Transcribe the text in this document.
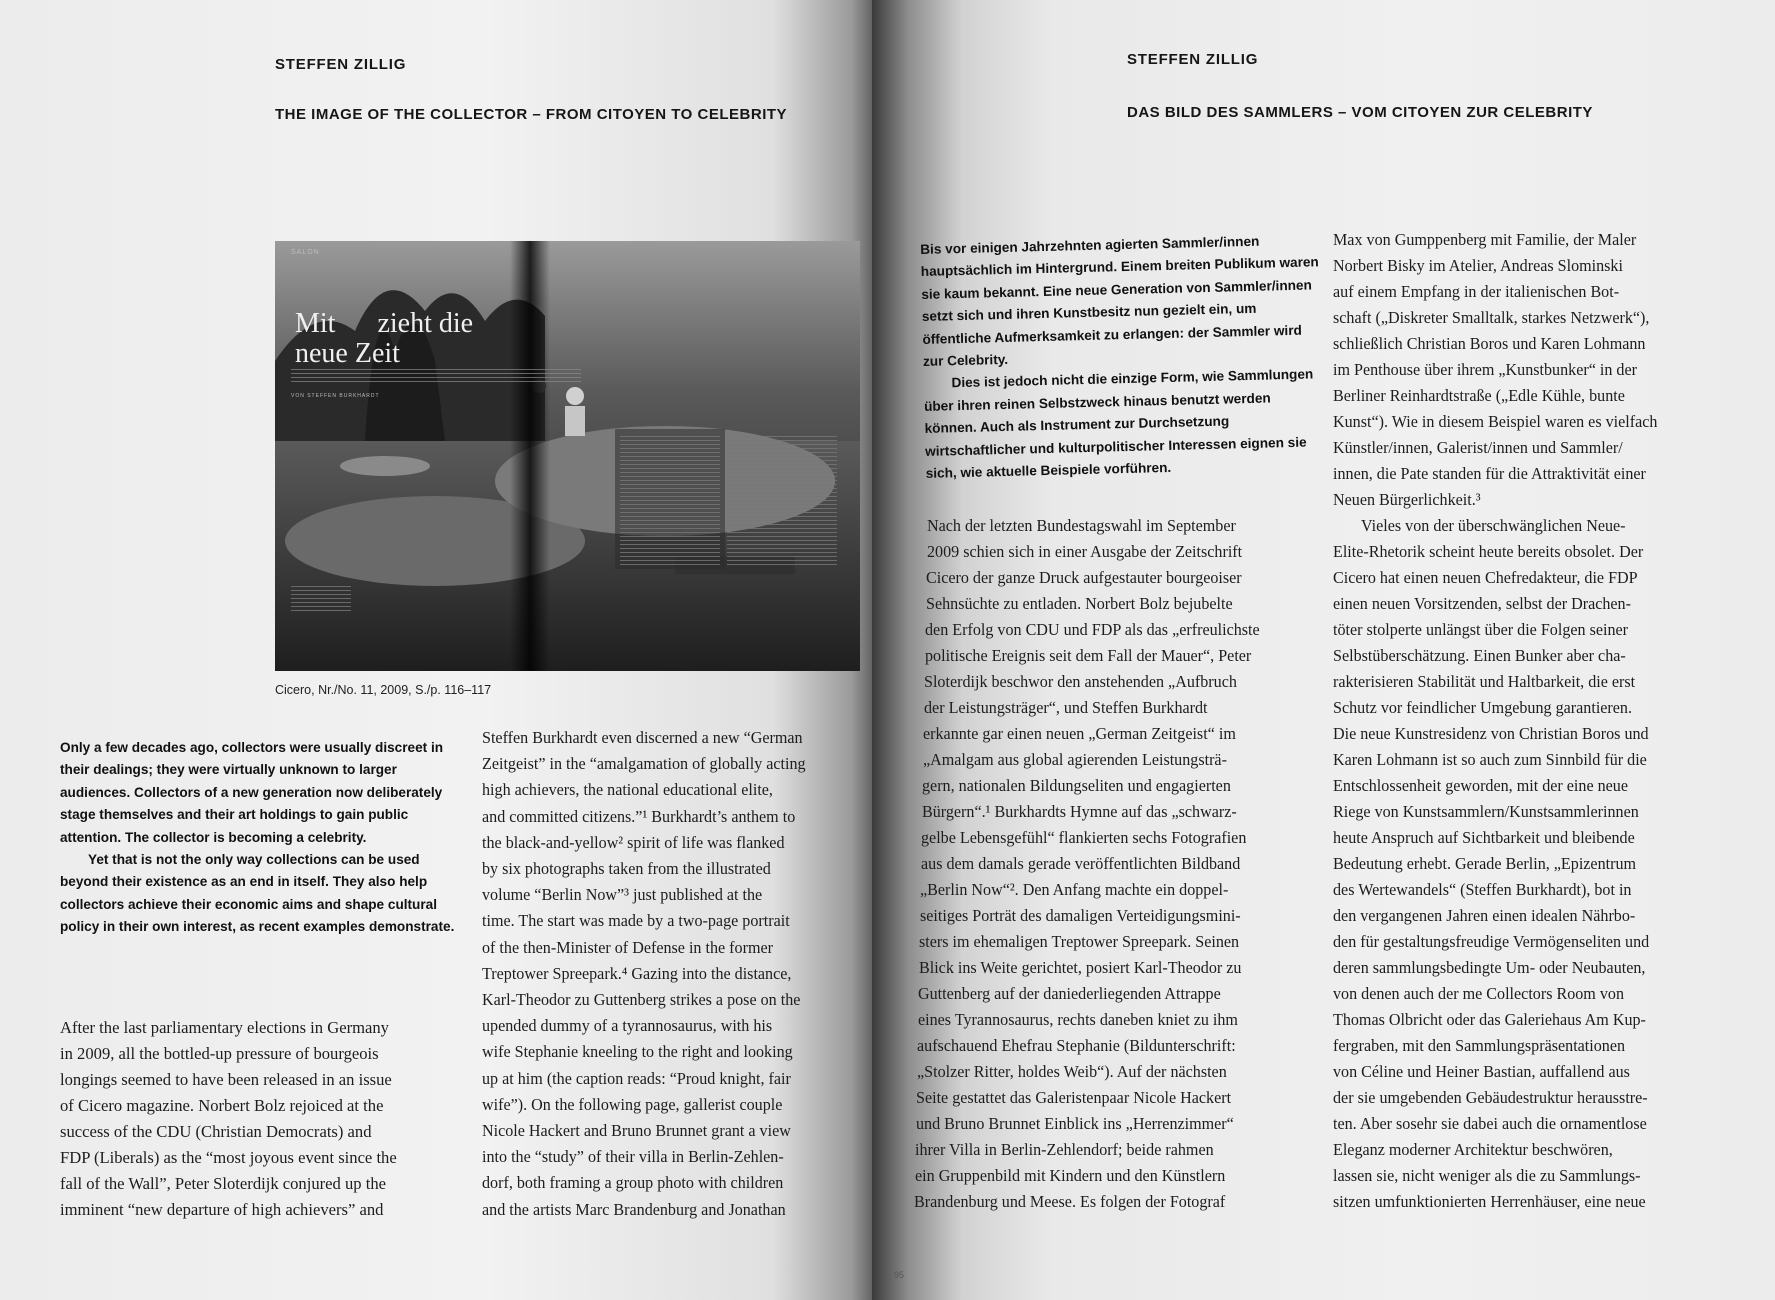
STEFFEN ZILLIG
THE IMAGE OF THE COLLECTOR – FROM CITOYEN TO CELEBRITY
SALON
Mit      zieht die
neue Zeit
VON STEFFEN BURKHARDT
Cicero, Nr./No. 11, 2009, S./p. 116–117

Only a few decades ago, collectors were usually discreet in their dealings; they were virtually unknown to larger audiences. Collectors of a new generation now deliberately stage themselves and their art holdings to gain public attention. The collector is becoming a celebrity.

Yet that is not the only way collections can be used beyond their existence as an end in itself. They also help collectors achieve their economic aims and shape cultural policy in their own interest, as recent examples demonstrate.

After the last parliamentary elections in Germany
in 2009, all the bottled-up pressure of bourgeois
longings seemed to have been released in an issue
of Cicero magazine. Norbert Bolz rejoiced at the
success of the CDU (Christian Democrats) and
FDP (Liberals) as the “most joyous event since the
fall of the Wall”, Peter Sloterdijk conjured up the
imminent “new departure of high achievers” and
Steffen Burkhardt even discerned a new “German
Zeitgeist” in the “amalgamation of globally acting
high achievers, the national educational elite,
and committed citizens.”¹ Burkhardt’s anthem to
the black-and-yellow² spirit of life was flanked
by six photographs taken from the illustrated
volume “Berlin Now”³ just published at the
time. The start was made by a two-page portrait
of the then-Minister of Defense in the former
Treptower Spreepark.⁴ Gazing into the distance,
Karl-Theodor zu Guttenberg strikes a pose on the
upended dummy of a tyrannosaurus, with his
wife Stephanie kneeling to the right and looking
up at him (the caption reads: “Proud knight, fair
wife”). On the following page, gallerist couple
Nicole Hackert and Bruno Brunnet grant a view
into the “study” of their villa in Berlin-Zehlen-
dorf, both framing a group photo with children
and the artists Marc Brandenburg and Jonathan
STEFFEN ZILLIG
DAS BILD DES SAMMLERS – VOM CITOYEN ZUR CELEBRITY

Bis vor einigen Jahrzehnten agierten Sammler/innen hauptsächlich im Hintergrund. Einem breiten Publikum waren sie kaum bekannt. Eine neue Generation von Sammler/innen setzt sich und ihren Kunstbesitz nun gezielt ein, um öffentliche Aufmerksamkeit zu erlangen: der Sammler wird zur Celebrity.

Dies ist jedoch nicht die einzige Form, wie Sammlungen über ihren reinen Selbstzweck hinaus benutzt werden können. Auch als Instrument zur Durchsetzung wirtschaftlicher und kulturpolitischer Interessen eignen sie sich, wie aktuelle Beispiele vorführen.

Nach der letzten Bundestagswahl im September
2009 schien sich in einer Ausgabe der Zeitschrift
Cicero der ganze Druck aufgestauter bourgeoiser
Sehnsüchte zu entladen. Norbert Bolz bejubelte
den Erfolg von CDU und FDP als das „erfreulichste
politische Ereignis seit dem Fall der Mauer“, Peter
Sloterdijk beschwor den anstehenden „Aufbruch
der Leistungsträger“, und Steffen Burkhardt
erkannte gar einen neuen „German Zeitgeist“ im
„Amalgam aus global agierenden Leistungsträ-
gern, nationalen Bildungseliten und engagierten
Bürgern“.¹ Burkhardts Hymne auf das „schwarz-
gelbe Lebensgefühl“ flankierten sechs Fotografien
aus dem damals gerade veröffentlichten Bildband
„Berlin Now“². Den Anfang machte ein doppel-
seitiges Porträt des damaligen Verteidigungsmini-
sters im ehemaligen Treptower Spreepark. Seinen
Blick ins Weite gerichtet, posiert Karl-Theodor zu
Guttenberg auf der daniederliegenden Attrappe
eines Tyrannosaurus, rechts daneben kniet zu ihm
aufschauend Ehefrau Stephanie (Bildunterschrift:
„Stolzer Ritter, holdes Weib“). Auf der nächsten
Seite gestattet das Galeristenpaar Nicole Hackert
und Bruno Brunnet Einblick ins „Herrenzimmer“
ihrer Villa in Berlin-Zehlendorf; beide rahmen
ein Gruppenbild mit Kindern und den Künstlern
Brandenburg und Meese. Es folgen der Fotograf
Max von Gumppenberg mit Familie, der Maler
Norbert Bisky im Atelier, Andreas Slominski
auf einem Empfang in der italienischen Bot-
schaft („Diskreter Smalltalk, starkes Netzwerk“),
schließlich Christian Boros und Karen Lohmann
im Penthouse über ihrem „Kunstbunker“ in der
Berliner Reinhardtstraße („Edle Kühle, bunte
Kunst“). Wie in diesem Beispiel waren es vielfach
Künstler/innen, Galerist/innen und Sammler/
innen, die Pate standen für die Attraktivität einer
Neuen Bürgerlichkeit.³
Vieles von der überschwänglichen Neue-
Elite-Rhetorik scheint heute bereits obsolet. Der
Cicero hat einen neuen Chefredakteur, die FDP
einen neuen Vorsitzenden, selbst der Drachen-
töter stolperte unlängst über die Folgen seiner
Selbstüberschätzung. Einen Bunker aber cha-
rakterisieren Stabilität und Haltbarkeit, die erst
Schutz vor feindlicher Umgebung garantieren.
Die neue Kunstresidenz von Christian Boros und
Karen Lohmann ist so auch zum Sinnbild für die
Entschlossenheit geworden, mit der eine neue
Riege von Kunstsammlern/Kunstsammlerinnen
heute Anspruch auf Sichtbarkeit und bleibende
Bedeutung erhebt. Gerade Berlin, „Epizentrum
des Wertewandels“ (Steffen Burkhardt), bot in
den vergangenen Jahren einen idealen Nährbo-
den für gestaltungsfreudige Vermögenseliten und
deren sammlungsbedingte Um- oder Neubauten,
von denen auch der me Collectors Room von
Thomas Olbricht oder das Galeriehaus Am Kup-
fergraben, mit den Sammlungspräsentationen
von Céline und Heiner Bastian, auffallend aus
der sie umgebenden Gebäudestruktur herausstre-
ten. Aber sosehr sie dabei auch die ornamentlose
Eleganz moderner Architektur beschwören,
lassen sie, nicht weniger als die zu Sammlungs-
sitzen umfunktionierten Herrenhäuser, eine neue
95
